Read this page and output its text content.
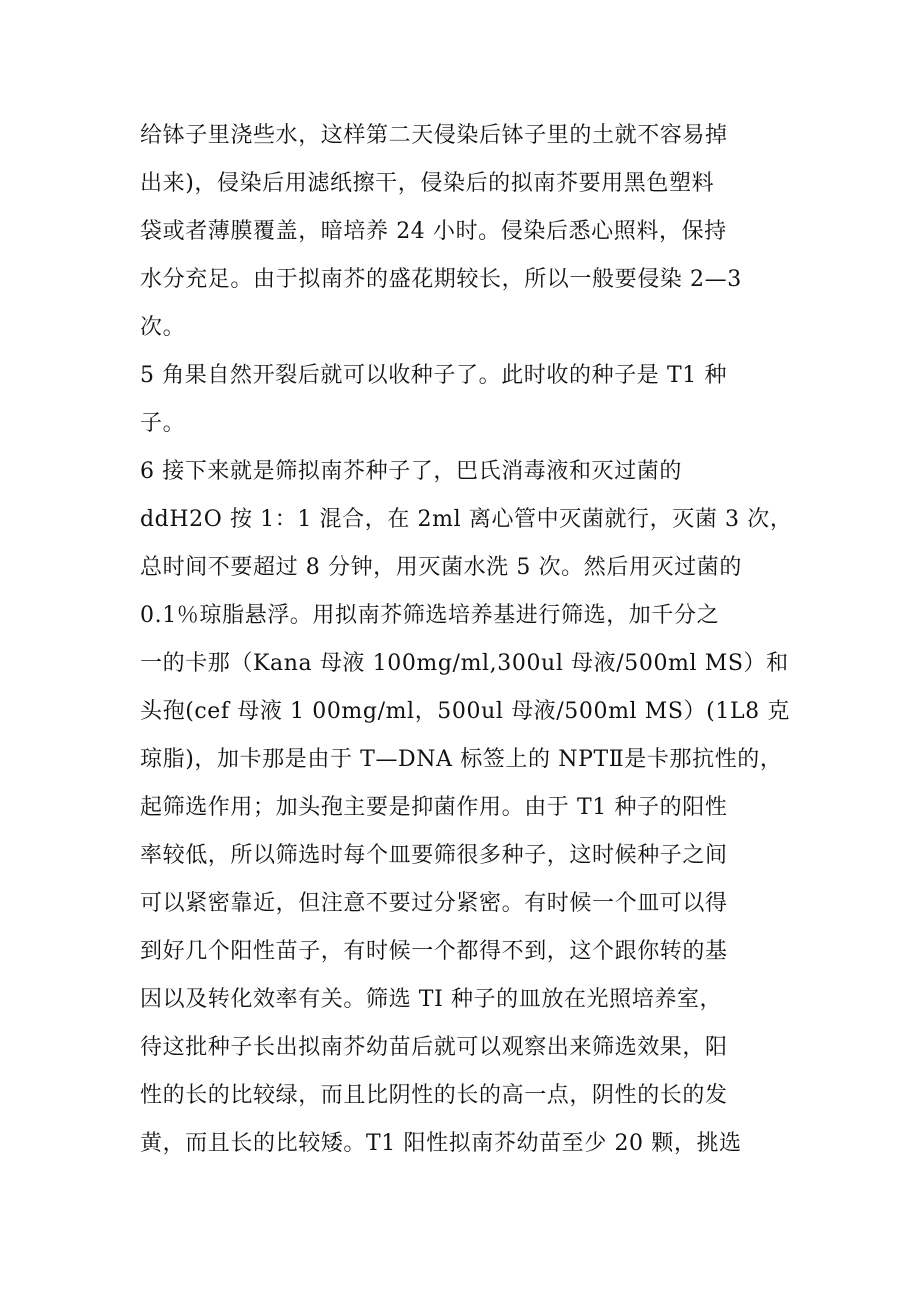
给钵子里浇些水，这样第二天侵染后钵子里的土就不容易掉

出来)，侵染后用滤纸擦干，侵染后的拟南芥要用黑色塑料

袋或者薄膜覆盖，暗培养 24 小时。侵染后悉心照料，保持

水分充足。由于拟南芥的盛花期较长，所以一般要侵染 2—3

次。

5 角果自然开裂后就可以收种子了。此时收的种子是 T1 种

子。

6 接下来就是筛拟南芥种子了，巴氏消毒液和灭过菌的

ddH2O 按 1：1 混合，在 2ml 离心管中灭菌就行，灭菌 3 次，

总时间不要超过 8 分钟，用灭菌水洗 5 次。然后用灭过菌的

0.1％琼脂悬浮。用拟南芥筛选培养基进行筛选，加千分之

一的卡那（Kana 母液 100mg/ml,300ul 母液/500ml MS）和

头孢(cef 母液 1 00mg/ml，500ul 母液/500ml MS）(1L8 克

琼脂)，加卡那是由于 T—DNA 标签上的 NPTⅡ是卡那抗性的，

起筛选作用；加头孢主要是抑菌作用。由于 T1 种子的阳性

率较低，所以筛选时每个皿要筛很多种子，这时候种子之间

可以紧密靠近，但注意不要过分紧密。有时候一个皿可以得

到好几个阳性苗子，有时候一个都得不到，这个跟你转的基

因以及转化效率有关。筛选 TI 种子的皿放在光照培养室，

待这批种子长出拟南芥幼苗后就可以观察出来筛选效果，阳

性的长的比较绿，而且比阴性的长的高一点，阴性的长的发

黄，而且长的比较矮。T1 阳性拟南芥幼苗至少 20 颗，挑选
